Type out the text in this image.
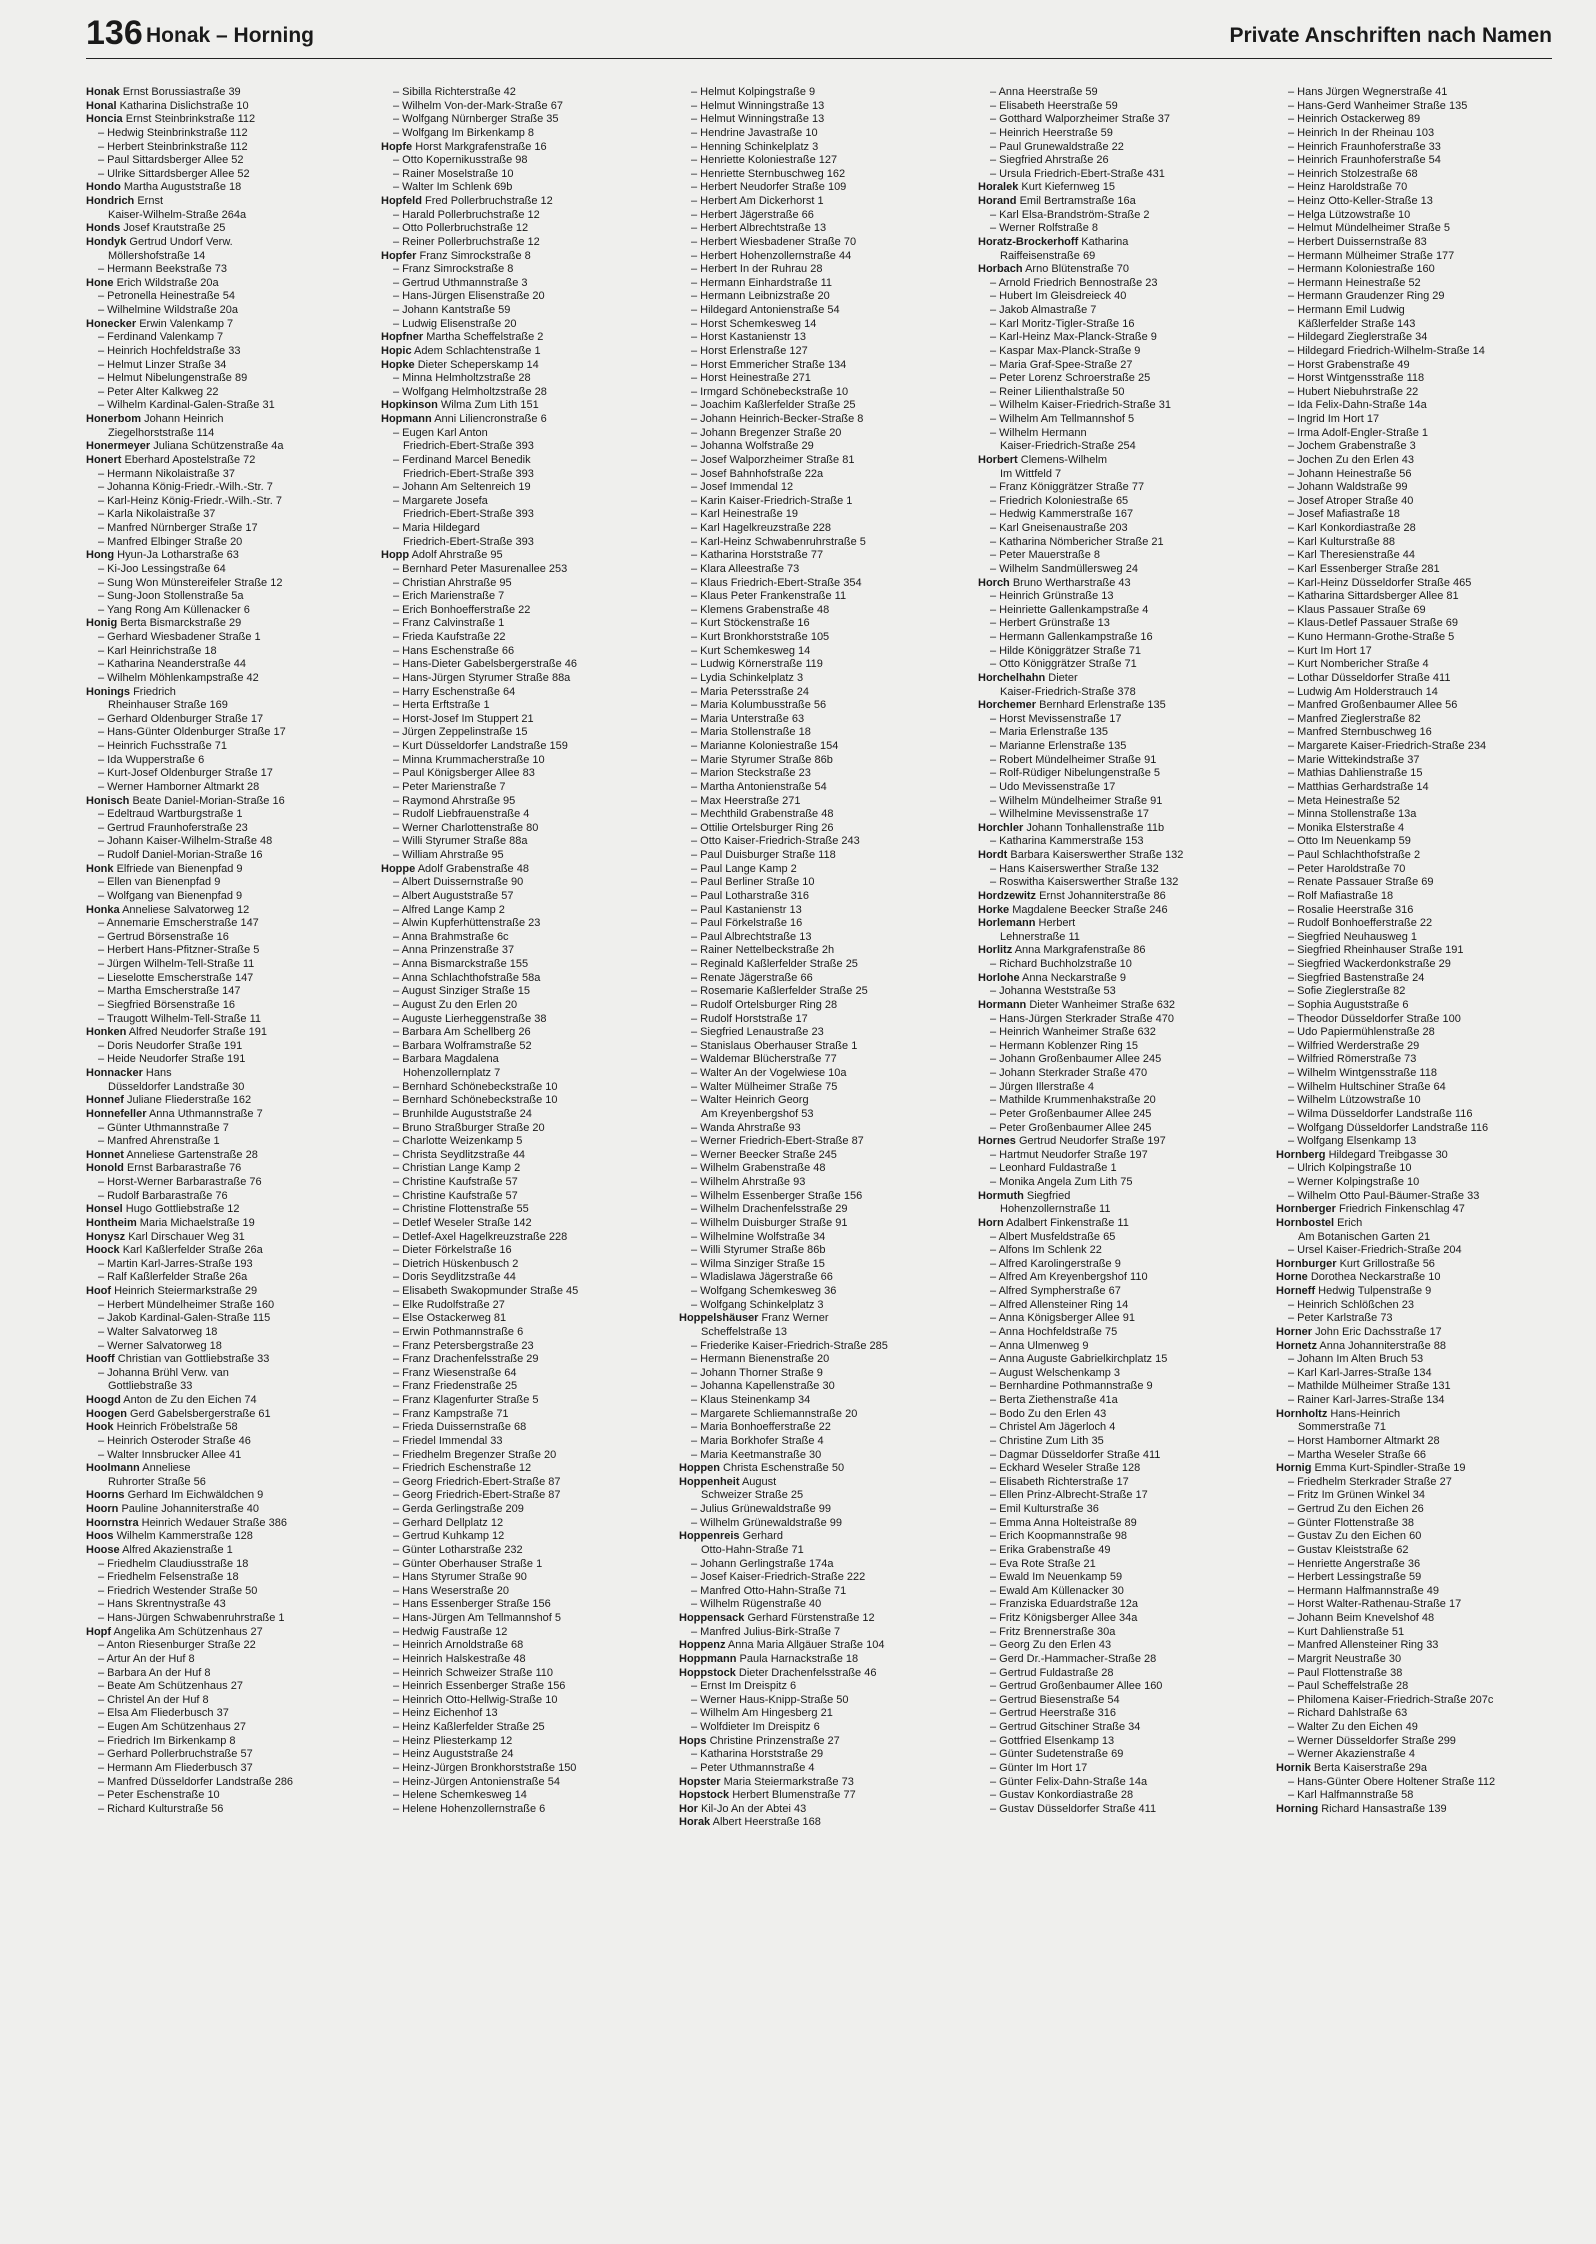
136 Honak – Horning	Private Anschriften nach Namen
Honak Ernst Borussiastraße 39
Honal Katharina Dislichstraße 10
Honcia Ernst Steinbrinkstraße 112
– Hedwig Steinbrinkstraße 112
– Herbert Steinbrinkstraße 112
– Paul Sittardsberger Allee 52
– Ulrike Sittardsberger Allee 52
Hondo Martha Auguststraße 18
Hondrich Ernst
Kaiser-Wilhelm-Straße 264a
Honds Josef Krautstraße 25
Hondyk Gertrud Undorf Verw.
Möllershofstraße 14
– Hermann Beekstraße 73
Hone Erich Wildstraße 20a
– Petronella Heinestraße 54
– Wilhelmine Wildstraße 20a
Honecker Erwin Valenkamp 7
– Ferdinand Valenkamp 7
– Heinrich Hochfeldstraße 33
– Helmut Linzer Straße 34
– Helmut Nibelungenstraße 89
– Peter Alter Kalkweg 22
– Wilhelm Kardinal-Galen-Straße 31
Honerbom Johann Heinrich
Ziegelhorststraße 114
Honermeyer Juliana Schützenstraße 4a
Honert Eberhard Apostelstraße 72
– Hermann Nikolaistraße 37
– Johanna König-Friedr.-Wilh.-Str. 7
– Karl-Heinz König-Friedr.-Wilh.-Str. 7
– Karla Nikolaistraße 37
– Manfred Nürnberger Straße 17
– Manfred Elbinger Straße 20
Hong Hyun-Ja Lotharstraße 63
– Ki-Joo Lessingstraße 64
– Sung Won Münstereifeler Straße 12
– Sung-Joon Stollenstraße 5a
– Yang Rong Am Küllenacker 6
Honig Berta Bismarckstraße 29
– Gerhard Wiesbadener Straße 1
– Karl Heinrichstraße 18
– Katharina Neanderstraße 44
– Wilhelm Möhlenkampstraße 42
Honings Friedrich
Rheinhauser Straße 169
– Gerhard Oldenburger Straße 17
– Hans-Günter Oldenburger Straße 17
– Heinrich Fuchsstraße 71
– Ida Wupperstraße 6
– Kurt-Josef Oldenburger Straße 17
– Werner Hamborner Altmarkt 28
Honisch Beate Daniel-Morian-Straße 16
– Edeltraud Wartburgstraße 1
– Gertrud Fraunhoferstraße 23
– Johann Kaiser-Wilhelm-Straße 48
– Rudolf Daniel-Morian-Straße 16
Honk Elfriede van Bienenpfad 9
– Ellen van Bienenpfad 9
– Wolfgang van Bienenpfad 9
Honka Anneliese Salvatorweg 12
– Annemarie Emscherstraße 147
– Gertrud Börsenstraße 16
– Herbert Hans-Pfitzner-Straße 5
– Jürgen Wilhelm-Tell-Straße 11
– Lieselotte Emscherstraße 147
– Martha Emscherstraße 147
– Siegfried Börsenstraße 16
– Traugott Wilhelm-Tell-Straße 11
Honken Alfred Neudorfer Straße 191
– Doris Neudorfer Straße 191
– Heide Neudorfer Straße 191
Honnacker Hans
Düsseldorfer Landstraße 30
Honnef Juliane Fliederstraße 162
Honnefeller Anna Uthmannstraße 7
– Günter Uthmannstraße 7
– Manfred Ahrenstraße 1
Honnet Anneliese Gartenstraße 28
Honold Ernst Barbarastraße 76
– Horst-Werner Barbarastraße 76
– Rudolf Barbarastraße 76
Honsel Hugo Gottliebstraße 12
Hontheim Maria Michaelstraße 19
Honysz Karl Dirschauer Weg 31
Hoock Karl Kaßlerfelder Straße 26a
– Martin Karl-Jarres-Straße 193
– Ralf Kaßlerfelder Straße 26a
Hoof Heinrich Steiermarkstraße 29
– Herbert Mündelheimer Straße 160
– Jakob Kardinal-Galen-Straße 115
– Walter Salvatorweg 18
– Werner Salvatorweg 18
Hooff Christian van Gottliebstraße 33
– Johanna Brühl Verw. van
Gottliebstraße 33
Hoogd Anton de Zu den Eichen 74
Hoogen Gerd Gabelsbergerstraße 61
Hook Heinrich Fröbelstraße 58
– Heinrich Osteroder Straße 46
– Walter Innsbrucker Allee 41
Hoolmann Anneliese
Ruhrorter Straße 56
Hoorns Gerhard Im Eichwäldchen 9
Hoorn Pauline Johanniterstraße 40
Hoornstra Heinrich Wedauer Straße 386
Hoos Wilhelm Kammerstraße 128
Hoose Alfred Akazienstraße 1
– Friedhelm Claudiusstraße 18
– Friedhelm Felsenstraße 18
– Friedrich Westender Straße 50
– Hans Skrentnystraße 43
– Hans-Jürgen Schwabenruhrstraße 1
Hopf Angelika Am Schützenhaus 27
– Anton Riesenburger Straße 22
– Artur An der Huf 8
– Barbara An der Huf 8
– Beate Am Schützenhaus 27
– Christel An der Huf 8
– Elsa Am Fliederbusch 37
– Eugen Am Schützenhaus 27
– Friedrich Im Birkenkamp 8
– Gerhard Pollerbruchstraße 57
– Hermann Am Fliederbusch 37
– Manfred Düsseldorfer Landstraße 286
– Peter Eschenstraße 10
– Richard Kulturstraße 56
– Sibilla Richterstraße 42
– Wilhelm Von-der-Mark-Straße 67
– Wolfgang Nürnberger Straße 35
– Wolfgang Im Birkenkamp 8
Hopfe Horst Markgrafenstraße 16
– Otto Kopernikusstraße 98
– Rainer Moselstraße 10
– Walter Im Schlenk 69b
Hopfeld Fred Pollerbruchstraße 12
– Harald Pollerbruchstraße 12
– Otto Pollerbruchstraße 12
– Reiner Pollerbruchstraße 12
Hopfer Franz Simrockstraße 8
– Franz Simrockstraße 8
– Gertrud Uthmannstraße 3
– Hans-Jürgen Elisenstraße 20
– Johann Kantstraße 59
– Ludwig Elisenstraße 20
Hopfner Martha Scheffelstraße 2
Hopic Adem Schlachtenstraße 1
Hopke Dieter Scheperskamp 14
– Minna Helmholtzstraße 28
– Wolfgang Helmholtzstraße 28
Hopkinson Wilma Zum Lith 151
Hopmann Anni Liliencronstraße 6
– Eugen Karl Anton
Friedrich-Ebert-Straße 393
– Ferdinand Marcel Benedik
Friedrich-Ebert-Straße 393
– Johann Am Seltenreich 19
– Margarete Josefa
Friedrich-Ebert-Straße 393
– Maria Hildegard
Friedrich-Ebert-Straße 393
Hopp Adolf Ahrstraße 95
– Bernhard Peter Masurenallee 253
– Christian Ahrstraße 95
– Erich Marienstraße 7
– Erich Bonhoefferstraße 22
– Franz Calvinstraße 1
– Frieda Kaufstraße 22
– Hans Eschenstraße 66
– Hans-Dieter Gabelsbergerstraße 46
– Hans-Jürgen Styrumer Straße 88a
– Harry Eschenstraße 64
– Herta Erftstraße 1
– Horst-Josef Im Stuppert 21
– Jürgen Zeppelinstraße 15
– Kurt Düsseldorfer Landstraße 159
– Minna Krummacherstraße 10
– Paul Königsberger Allee 83
– Peter Marienstraße 7
– Raymond Ahrstraße 95
– Rudolf Liebfrauenstraße 4
– Werner Charlottenstraße 80
– Willi Styrumer Straße 88a
– William Ahrstraße 95
Hoppe Adolf Grabenstraße 48
– Albert Duissernstraße 90
– Albert Auguststraße 57
– Alfred Lange Kamp 2
– Alwin Kupferhüttenstraße 23
– Anna Brahmstraße 6c
– Anna Prinzenstraße 37
– Anna Bismarckstraße 155
– Anna Schlachthofstraße 58a
– August Sinziger Straße 15
– August Zu den Erlen 20
– Auguste Lierheggenstraße 38
– Barbara Am Schellberg 26
– Barbara Wolframstraße 52
– Barbara Magdalena
Hohenzollernplatz 7
– Bernhard Schönebeckstraße 10
– Bernhard Schönebeckstraße 10
– Brunhilde Auguststraße 24
– Bruno Straßburger Straße 20
– Charlotte Weizenkamp 5
– Christa Seydlitzstraße 44
– Christian Lange Kamp 2
– Christine Kaufstraße 57
– Christine Kaufstraße 57
– Christine Flottenstraße 55
– Detlef Weseler Straße 142
– Detlef-Axel Hagelkreuzstraße 228
– Dieter Förkelstraße 16
– Dietrich Hüskenbusch 2
– Doris Seydlitzstraße 44
– Elisabeth Swakopmunder Straße 45
– Elke Rudolfstraße 27
– Else Ostackerweg 81
– Erwin Pothmannstraße 6
– Franz Petersbergstraße 23
– Franz Drachenfelsstraße 29
– Franz Wiesenstraße 64
– Franz Friedenstraße 25
– Franz Klagenfurter Straße 5
– Franz Kampstraße 71
– Frieda Duissernstraße 68
– Friedel Immendal 33
– Friedhelm Bregenzer Straße 20
– Friedrich Eschenstraße 12
– Georg Friedrich-Ebert-Straße 87
– Georg Friedrich-Ebert-Straße 87
– Gerda Gerlingstraße 209
– Gerhard Dellplatz 12
– Gertrud Kuhkamp 12
– Günter Lotharstraße 232
– Günter Oberhauser Straße 1
– Hans Styrumer Straße 90
– Hans Weserstraße 20
– Hans Essenberger Straße 156
– Hans-Jürgen Am Tellmannshof 5
– Hedwig Faustraße 12
– Heinrich Arnoldstraße 68
– Heinrich Halskestraße 48
– Heinrich Schweizer Straße 110
– Heinrich Essenberger Straße 156
– Heinrich Otto-Hellwig-Straße 10
– Heinz Eichenhof 13
– Heinz Kaßlerfelder Straße 25
– Heinz Pliesterkamp 12
– Heinz Auguststraße 24
– Heinz-Jürgen Bronkhorststraße 150
– Heinz-Jürgen Antonienstraße 54
– Helene Schemkesweg 14
– Helene Hohenzollernstraße 6
– Helmut Kolpingstraße 9
– Helmut Winningstraße 13
– Helmut Winningstraße 13
– Hendrine Javastraße 10
– Henning Schinkelplatz 3
– Henriette Koloniestraße 127
– Henriette Sternbuschweg 162
– Herbert Neudorfer Straße 109
– Herbert Am Dickerhorst 1
– Herbert Jägerstraße 66
– Herbert Albrechtstraße 13
– Herbert Wiesbadener Straße 70
– Herbert Hohenzollernstraße 44
– Herbert In der Ruhrau 28
– Hermann Einhardstraße 11
– Hermann Leibnizstraße 20
– Hildegard Antonienstraße 54
– Horst Schemkesweg 14
– Horst Kastanienstr 13
– Horst Erlenstraße 127
– Horst Emmericher Straße 134
– Horst Heinestraße 271
– Irmgard Schönebeckstraße 10
– Joachim Kaßlerfelder Straße 25
– Johann Heinrich-Becker-Straße 8
– Johann Bregenzer Straße 20
– Johanna Wolfstraße 29
– Josef Walporzheimer Straße 81
– Josef Bahnhofstraße 22a
– Josef Immendal 12
– Karin Kaiser-Friedrich-Straße 1
– Karl Heinestraße 19
– Karl Hagelkreuzstraße 228
– Karl-Heinz Schwabenruhrstraße 5
– Katharina Horststraße 77
– Klara Alleestraße 73
– Klaus Friedrich-Ebert-Straße 354
– Klaus Peter Frankenstraße 11
– Klemens Grabenstraße 48
– Kurt Stöckenstraße 16
– Kurt Bronkhorststraße 105
– Kurt Schemkesweg 14
– Ludwig Körnerstraße 119
– Lydia Schinkelplatz 3
– Maria Petersstraße 24
– Maria Kolumbusstraße 56
– Maria Unterstraße 63
– Maria Stollenstraße 18
– Marianne Koloniestraße 154
– Marie Styrumer Straße 86b
– Marion Steckstraße 23
– Martha Antonienstraße 54
– Max Heerstraße 271
– Mechthild Grabenstraße 48
– Ottilie Ortelsburger Ring 26
– Otto Kaiser-Friedrich-Straße 243
– Paul Duisburger Straße 118
– Paul Lange Kamp 2
– Paul Berliner Straße 10
– Paul Lotharstraße 316
– Paul Kastanienstr 13
– Paul Förkelstraße 16
– Paul Albrechtstraße 13
– Rainer Nettelbeckstraße 2h
– Reginald Kaßlerfelder Straße 25
– Renate Jägerstraße 66
– Rosemarie Kaßlerfelder Straße 25
– Rudolf Ortelsburger Ring 28
– Rudolf Horststraße 17
– Siegfried Lenaustraße 23
– Stanislaus Oberhauser Straße 1
– Waldemar Blücherstraße 77
– Walter An der Vogelwiese 10a
– Walter Mülheimer Straße 75
– Walter Heinrich Georg
Am Kreyenbergshof 53
– Wanda Ahrstraße 93
– Werner Friedrich-Ebert-Straße 87
– Werner Beecker Straße 245
– Wilhelm Grabenstraße 48
– Wilhelm Ahrstraße 93
– Wilhelm Essenberger Straße 156
– Wilhelm Drachenfelsstraße 29
– Wilhelm Duisburger Straße 91
– Wilhelmine Wolfstraße 34
– Willi Styrumer Straße 86b
– Wilma Sinziger Straße 15
– Wladislawa Jägerstraße 66
– Wolfgang Schemkesweg 36
– Wolfgang Schinkelplatz 3
Hoppelshäuser Franz Werner
Scheffelstraße 13
– Friederike Kaiser-Friedrich-Straße 285
– Hermann Bienenstraße 20
– Johann Thorner Straße 9
– Johanna Kapellenstraße 30
– Klaus Steinenkamp 34
– Margarete Schliemannstraße 20
– Maria Bonhoefferstraße 22
– Maria Borkhofer Straße 4
– Maria Keetmanstraße 30
Hoppen Christa Eschenstraße 50
Hoppenheit August
Schweizer Straße 25
– Julius Grünewaldstraße 99
– Wilhelm Grünewaldstraße 99
Hoppenreis Gerhard
Otto-Hahn-Straße 71
– Johann Gerlingstraße 174a
– Josef Kaiser-Friedrich-Straße 222
– Manfred Otto-Hahn-Straße 71
– Wilhelm Rügenstraße 40
Hoppensack Gerhard Fürstenstraße 12
– Manfred Julius-Birk-Straße 7
Hoppenz Anna Maria Allgäuer Straße 104
Hoppmann Paula Harnackstraße 18
Hoppstock Dieter Drachenfelsstraße 46
– Ernst Im Dreispitz 6
– Werner Haus-Knipp-Straße 50
– Wilhelm Am Hingesberg 21
– Wolfdieter Im Dreispitz 6
Hops Christine Prinzenstraße 27
– Katharina Horststraße 29
– Peter Uthmannstraße 4
Hopster Maria Steiermarkstraße 73
Hopstock Herbert Blumenstraße 77
Hor Kil-Jo An der Abtei 43
Horak Albert Heerstraße 168
– Anna Heerstraße 59
– Elisabeth Heerstraße 59
– Gotthard Walporzheimer Straße 37
– Heinrich Heerstraße 59
– Paul Grunewaldstraße 22
– Siegfried Ahrstraße 26
– Ursula Friedrich-Ebert-Straße 431
Horalek Kurt Kiefernweg 15
Horand Emil Bertramstraße 16a
– Karl Elsa-Brandström-Straße 2
– Werner Rolfstraße 8
Horatz-Brockerhoff Katharina
Raiffeisenstraße 69
Horbach Arno Blütenstraße 70
– Arnold Friedrich Bennostraße 23
– Hubert Im Gleisdreieck 40
– Jakob Almastraße 7
– Karl Moritz-Tigler-Straße 16
– Karl-Heinz Max-Planck-Straße 9
– Kaspar Max-Planck-Straße 9
– Maria Graf-Spee-Straße 27
– Peter Lorenz Schroerstraße 25
– Reiner Lilienthalstraße 50
– Wilhelm Kaiser-Friedrich-Straße 31
– Wilhelm Am Tellmannshof 5
– Wilhelm Hermann
Kaiser-Friedrich-Straße 254
Horbert Clemens-Wilhelm
Im Wittfeld 7
– Franz Königgrätzer Straße 77
– Friedrich Koloniestraße 65
– Hedwig Kammerstraße 167
– Karl Gneisenaustraße 203
– Katharina Nömbericher Straße 21
– Peter Mauerstraße 8
– Wilhelm Sandmüllersweg 24
Horch Bruno Wertharstraße 43
– Heinrich Grünstraße 13
– Heinriette Gallenkampstraße 4
– Herbert Grünstraße 13
– Hermann Gallenkampstraße 16
– Hilde Königgrätzer Straße 71
– Otto Königgrätzer Straße 71
Horchelhahn Dieter
Kaiser-Friedrich-Straße 378
Horchemer Bernhard Erlenstraße 135
– Horst Mevissenstraße 17
– Maria Erlenstraße 135
– Marianne Erlenstraße 135
– Robert Mündelheimer Straße 91
– Rolf-Rüdiger Nibelungenstraße 5
– Udo Mevissenstraße 17
– Wilhelm Mündelheimer Straße 91
– Wilhelmine Mevissenstraße 17
Horchler Johann Tonhallenstraße 11b
– Katharina Kammerstraße 153
Hordt Barbara Kaiserswerther Straße 132
– Hans Kaiserswerther Straße 132
– Roswitha Kaiserswerther Straße 132
Hordzewitz Ernst Johanniterstraße 86
Horke Magdalene Beecker Straße 246
Horlemann Herbert
Lehnerstraße 11
Horlitz Anna Markgrafenstraße 86
– Richard Buchholzstraße 10
Horlohe Anna Neckarstraße 9
– Johanna Weststraße 53
Hormann Dieter Wanheimer Straße 632
– Hans-Jürgen Sterkrader Straße 470
– Heinrich Wanheimer Straße 632
– Hermann Koblenzer Ring 15
– Johann Großenbaumer Allee 245
– Johann Sterkrader Straße 470
– Jürgen Illerstraße 4
– Mathilde Krummenhakstraße 20
– Peter Großenbaumer Allee 245
– Peter Großenbaumer Allee 245
Hornes Gertrud Neudorfer Straße 197
– Hartmut Neudorfer Straße 197
– Leonhard Fuldastraße 1
– Monika Angela Zum Lith 75
Hormuth Siegfried
Hohenzollernstraße 11
Horn Adalbert Finkenstraße 11
– Albert Musfeldstraße 65
– Alfons Im Schlenk 22
– Alfred Karolingerstraße 9
– Alfred Am Kreyenbergshof 110
– Alfred Sympherstraße 67
– Alfred Allensteiner Ring 14
– Anna Königsberger Allee 91
– Anna Hochfeldstraße 75
– Anna Ulmenweg 9
– Anna Auguste Gabrielkirchplatz 15
– August Welschenkamp 3
– Bernhardine Pothmannstraße 9
– Berta Ziethenstraße 41a
– Bodo Zu den Erlen 43
– Christel Am Jägerloch 4
– Christine Zum Lith 35
– Dagmar Düsseldorfer Straße 411
– Eckhard Weseler Straße 128
– Elisabeth Richterstraße 17
– Ellen Prinz-Albrecht-Straße 17
– Emil Kulturstraße 36
– Emma Anna Holteistraße 89
– Erich Koopmannstraße 98
– Erika Grabenstraße 49
– Eva Rote Straße 21
– Ewald Im Neuenkamp 59
– Ewald Am Küllenacker 30
– Franziska Eduardstraße 12a
– Fritz Königsberger Allee 34a
– Fritz Brennerstraße 30a
– Georg Zu den Erlen 43
– Gerd Dr.-Hammacher-Straße 28
– Gertrud Fuldastraße 28
– Gertrud Großenbaumer Allee 160
– Gertrud Biesenstraße 54
– Gertrud Heerstraße 316
– Gertrud Gitschiner Straße 34
– Gottfried Elsenkamp 13
– Günter Sudetenstraße 69
– Günter Im Hort 17
– Günter Felix-Dahn-Straße 14a
– Gustav Konkordiastraße 28
– Gustav Düsseldorfer Straße 411
– Hans Jürgen Wegnerstraße 41
– Hans-Gerd Wanheimer Straße 135
– Heinrich Ostackerweg 89
– Heinrich In der Rheinau 103
– Heinrich Fraunhoferstraße 33
– Heinrich Fraunhoferstraße 54
– Heinrich Stolzestraße 68
– Heinz Haroldstraße 70
– Heinz Otto-Keller-Straße 13
– Helga Lützowstraße 10
– Helmut Mündelheimer Straße 5
– Herbert Duissernstraße 83
– Hermann Mülheimer Straße 177
– Hermann Koloniestraße 160
– Hermann Heinestraße 52
– Hermann Graudenzer Ring 29
– Hermann Emil Ludwig
Käßlerfelder Straße 143
– Hildegard Zieglerstraße 34
– Hildegard Friedrich-Wilhelm-Straße 14
– Horst Grabenstraße 49
– Horst Wintgensstraße 118
– Hubert Niebuhrstraße 22
– Ida Felix-Dahn-Straße 14a
– Ingrid Im Hort 17
– Irma Adolf-Engler-Straße 1
– Jochem Grabenstraße 3
– Jochen Zu den Erlen 43
– Johann Heinestraße 56
– Johann Waldstraße 99
– Josef Atroper Straße 40
– Josef Mafiastraße 18
– Karl Konkordiastraße 28
– Karl Kulturstraße 88
– Karl Theresienstraße 44
– Karl Essenberger Straße 281
– Karl-Heinz Düsseldorfer Straße 465
– Katharina Sittardsberger Allee 81
– Klaus Passauer Straße 69
– Klaus-Detlef Passauer Straße 69
– Kuno Hermann-Grothe-Straße 5
– Kurt Im Hort 17
– Kurt Nombericher Straße 4
– Lothar Düsseldorfer Straße 411
– Ludwig Am Holderstrauch 14
– Manfred Großenbaumer Allee 56
– Manfred Zieglerstraße 82
– Manfred Sternbuschweg 16
– Margarete Kaiser-Friedrich-Straße 234
– Marie Wittekindstraße 37
– Mathias Dahlienstraße 15
– Matthias Gerhardstraße 14
– Meta Heinestraße 52
– Minna Stollenstraße 13a
– Monika Elsterstraße 4
– Otto Im Neuenkamp 59
– Paul Schlachthofstraße 2
– Peter Haroldstraße 70
– Renate Passauer Straße 69
– Rolf Mafiastraße 18
– Rosalie Heerstraße 316
– Rudolf Bonhoefferstraße 22
– Siegfried Neuhausweg 1
– Siegfried Rheinhauser Straße 191
– Siegfried Wackerdonkstraße 29
– Siegfried Bastenstraße 24
– Sofie Zieglerstraße 82
– Sophia Auguststraße 6
– Theodor Düsseldorfer Straße 100
– Udo Papiermühlenstraße 28
– Wilfried Werderstraße 29
– Wilfried Römerstraße 73
– Wilhelm Wintgensstraße 118
– Wilhelm Hultschiner Straße 64
– Wilhelm Lützowstraße 10
– Wilma Düsseldorfer Landstraße 116
– Wolfgang Düsseldorfer Landstraße 116
– Wolfgang Elsenkamp 13
Hornberg Hildegard Treibgasse 30
– Ulrich Kolpingstraße 10
– Werner Kolpingstraße 10
– Wilhelm Otto Paul-Bäumer-Straße 33
Hornberger Friedrich Finkenschlag 47
Hornbostel Erich
Am Botanischen Garten 21
– Ursel Kaiser-Friedrich-Straße 204
Hornburger Kurt Grillostraße 56
Horne Dorothea Neckarstraße 10
Horneff Hedwig Tulpenstraße 9
– Heinrich Schlößchen 23
– Peter Karlstraße 73
Horner John Eric Dachsstraße 17
Hornetz Anna Johanniterstraße 88
– Johann Im Alten Bruch 53
– Karl Karl-Jarres-Straße 134
– Mathilde Mülheimer Straße 131
– Rainer Karl-Jarres-Straße 134
Hornholtz Hans-Heinrich
Sommerstraße 71
– Horst Hamborner Altmarkt 28
– Martha Weseler Straße 66
Hornig Emma Kurt-Spindler-Straße 19
– Friedhelm Sterkrader Straße 27
– Fritz Im Grünen Winkel 34
– Gertrud Zu den Eichen 26
– Günter Flottenstraße 38
– Gustav Zu den Eichen 60
– Gustav Kleiststraße 62
– Henriette Angerstraße 36
– Herbert Lessingstraße 59
– Hermann Halfmannstraße 49
– Horst Walter-Rathenau-Straße 17
– Johann Beim Knevelshof 48
– Kurt Dahlienstraße 51
– Manfred Allensteiner Ring 33
– Margrit Neustraße 30
– Paul Flottenstraße 38
– Paul Scheffelstraße 28
– Philomena Kaiser-Friedrich-Straße 207c
– Richard Dahlstraße 63
– Walter Zu den Eichen 49
– Werner Düsseldorfer Straße 299
– Werner Akazienstraße 4
Hornik Berta Kaiserstraße 29a
– Hans-Günter Obere Holtener Straße 112
– Karl Halfmannstraße 58
Horning Richard Hansastraße 139
